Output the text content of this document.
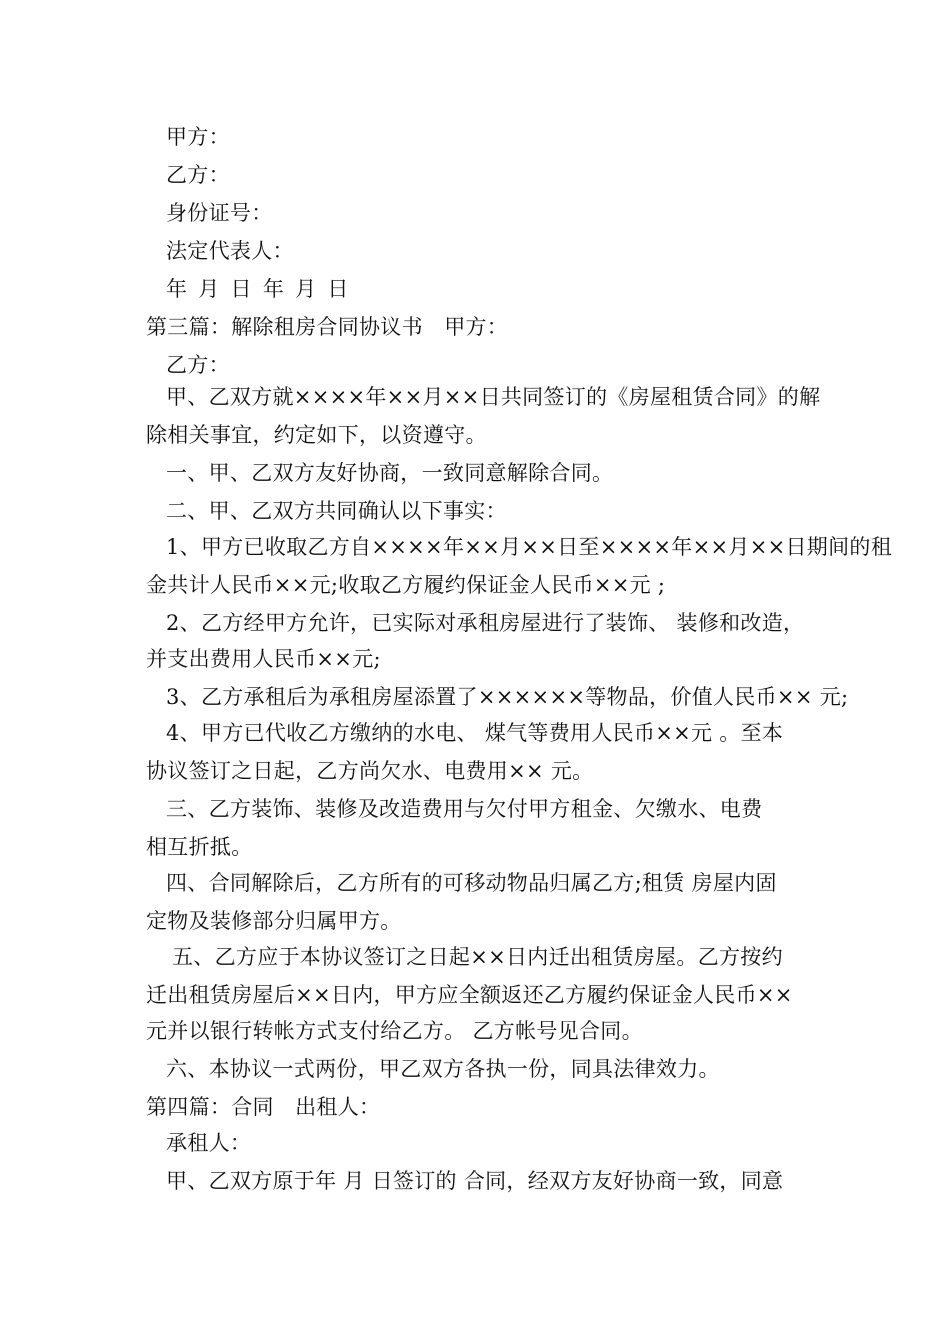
甲方：
乙方：
身份证号：
法定代表人：
年 月 日 年 月 日
第三篇：解除租房合同协议书　甲方：
乙方：
甲、乙双方就××××年××月××日共同签订的《房屋租赁合同》的解
除相关事宜，约定如下，以资遵守。
一、甲、乙双方友好协商，一致同意解除合同。
二、甲、乙双方共同确认以下事实：
1、甲方已收取乙方自××××年××月××日至××××年××月××日期间的租
金共计人民币××元;收取乙方履约保证金人民币××元 ;
2、乙方经甲方允许，已实际对承租房屋进行了装饰、 装修和改造，
并支出费用人民币××元;
3、乙方承租后为承租房屋添置了××××××等物品，价值人民币×× 元;
4、甲方已代收乙方缴纳的水电、 煤气等费用人民币××元 。至本
协议签订之日起，乙方尚欠水、电费用×× 元。
三、乙方装饰、装修及改造费用与欠付甲方租金、欠缴水、电费
相互折抵。
四、合同解除后，乙方所有的可移动物品归属乙方;租赁 房屋内固
定物及装修部分归属甲方。
五、乙方应于本协议签订之日起××日内迁出租赁房屋。乙方按约
迁出租赁房屋后××日内，甲方应全额返还乙方履约保证金人民币××
元并以银行转帐方式支付给乙方。 乙方帐号见合同。
六、本协议一式两份，甲乙双方各执一份，同具法律效力。
第四篇：合同　出租人：
承租人：
甲、乙双方原于年 月 日签订的 合同，经双方友好协商一致，同意
